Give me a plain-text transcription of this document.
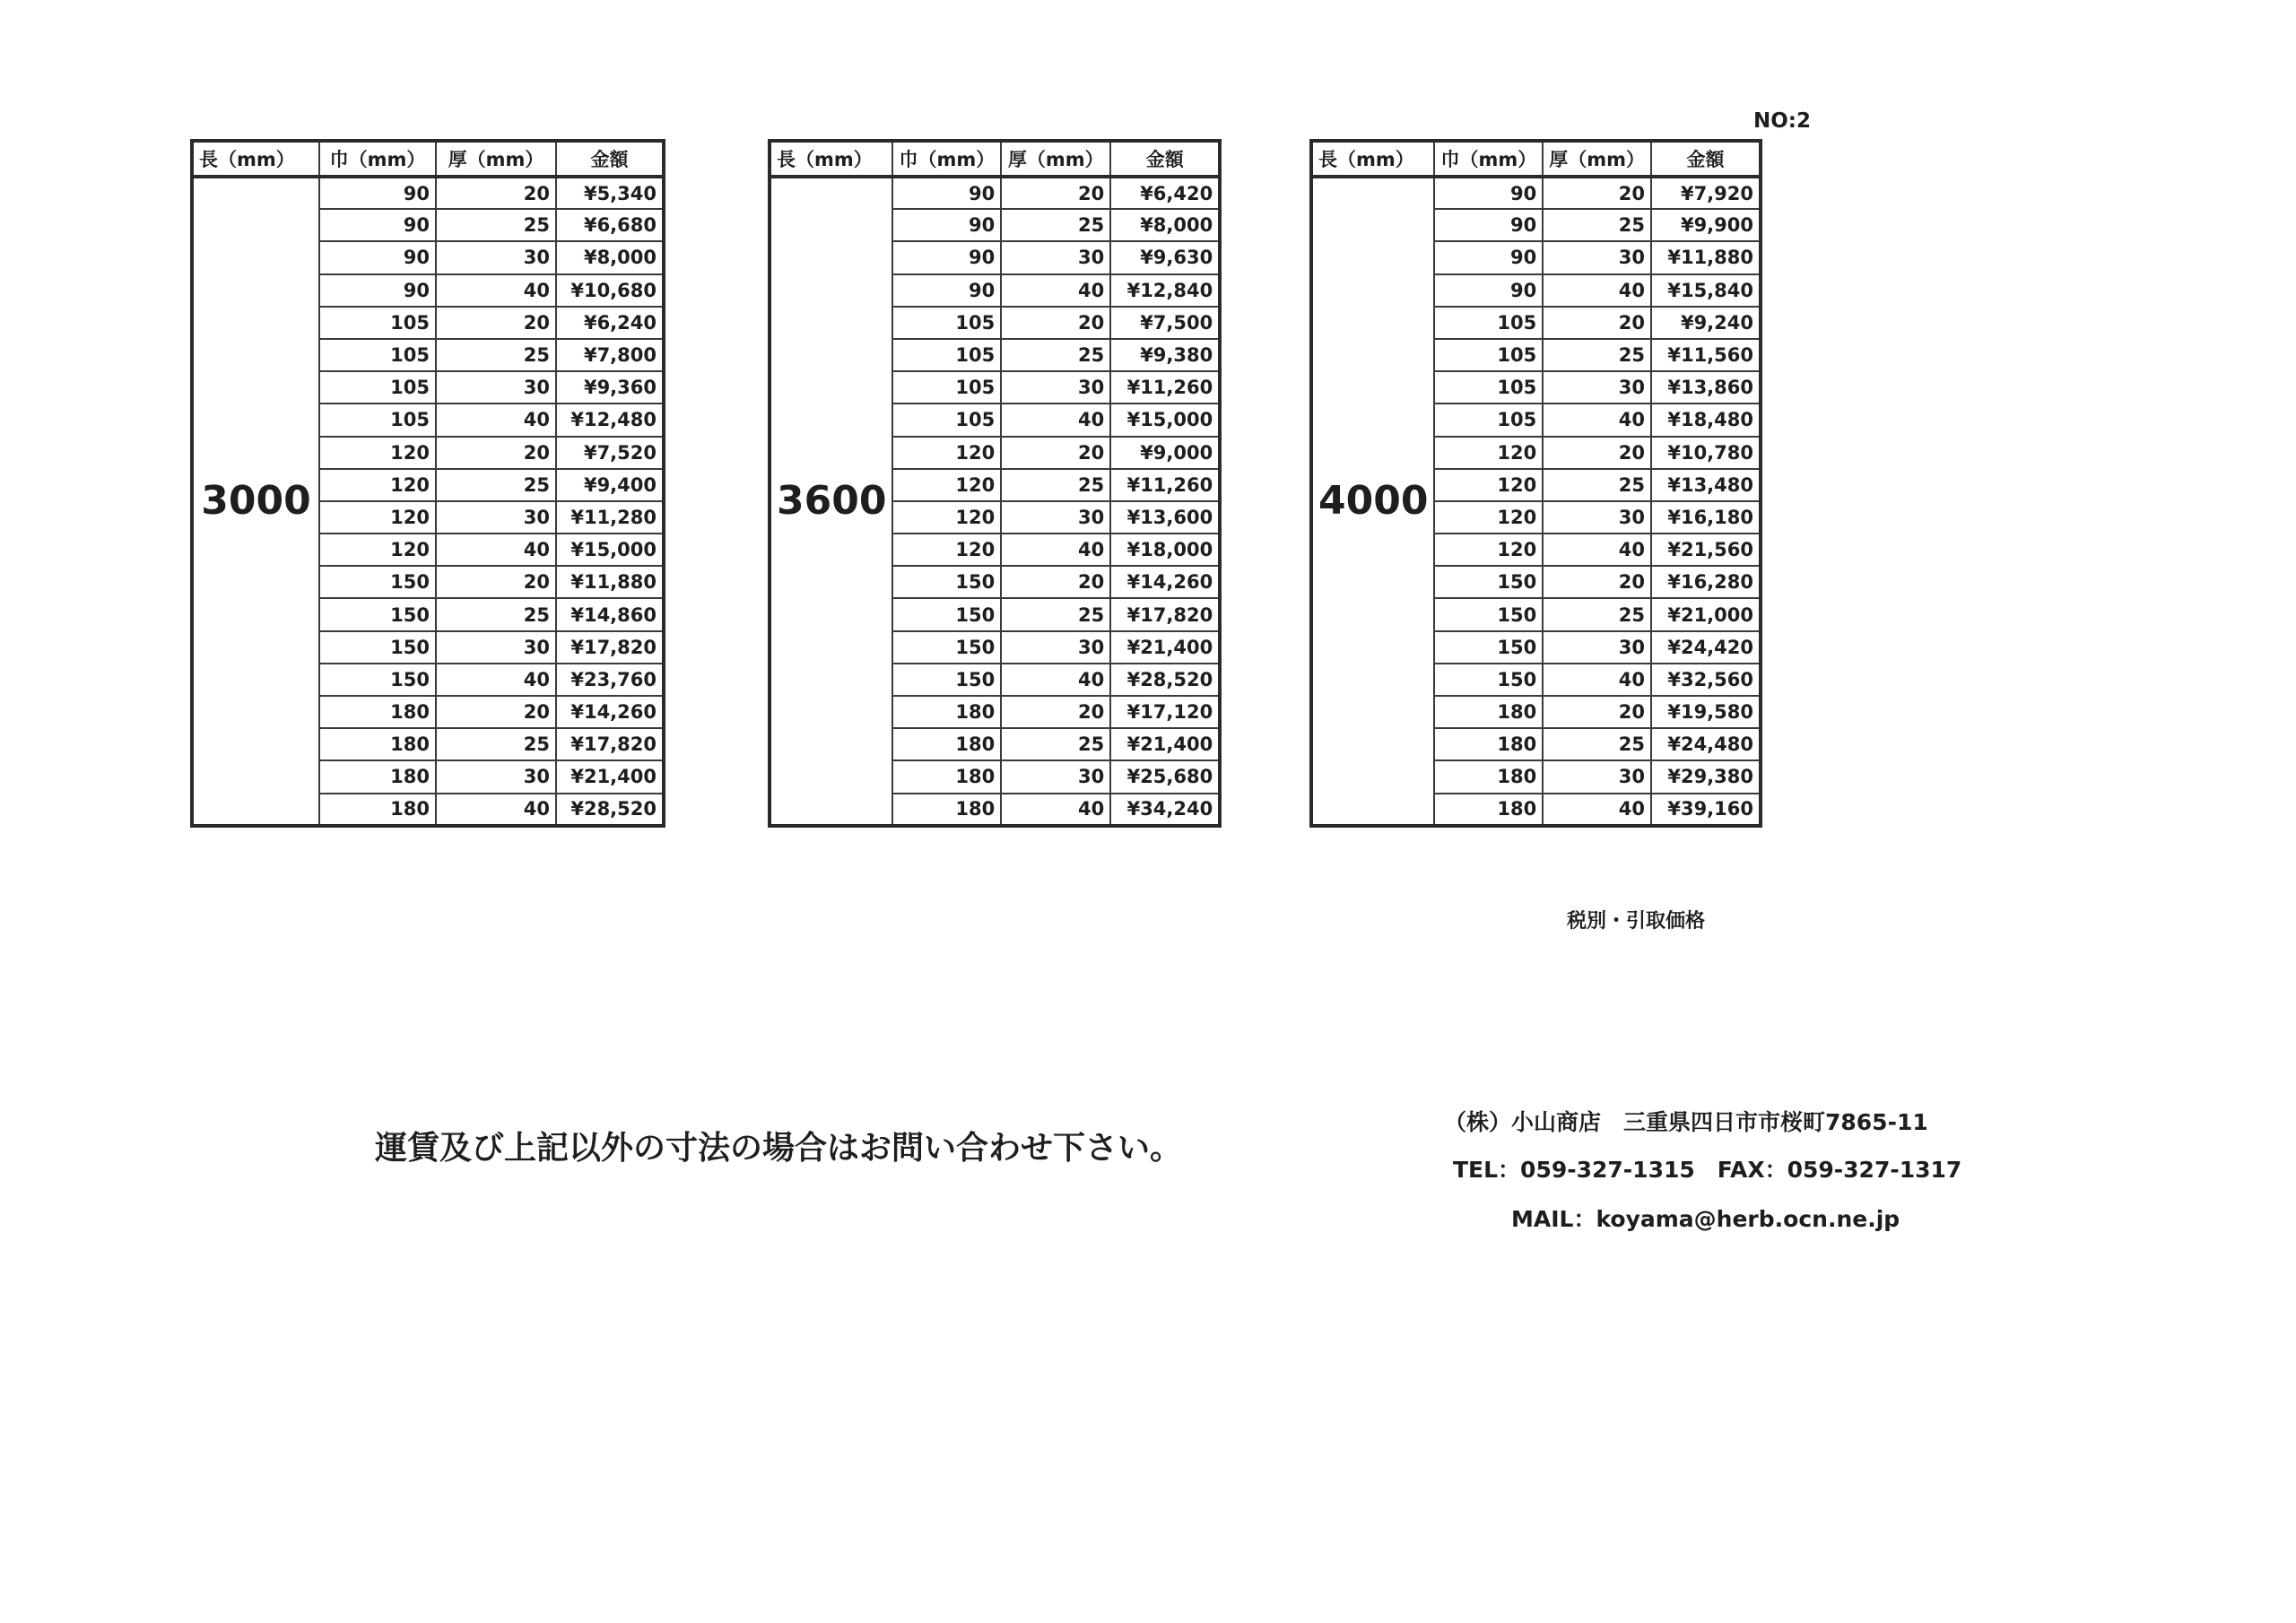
NO:2
長（mm）	巾（mm）	厚（mm）	金額
3000	90	20	¥5,340
	90	25	¥6,680
	90	30	¥8,000
	90	40	¥10,680
	105	20	¥6,240
	105	25	¥7,800
	105	30	¥9,360
	105	40	¥12,480
	120	20	¥7,520
	120	25	¥9,400
	120	30	¥11,280
	120	40	¥15,000
	150	20	¥11,880
	150	25	¥14,860
	150	30	¥17,820
	150	40	¥23,760
	180	20	¥14,260
	180	25	¥17,820
	180	30	¥21,400
	180	40	¥28,520
長（mm）	巾（mm）	厚（mm）	金額
3600	90	20	¥6,420
	90	25	¥8,000
	90	30	¥9,630
	90	40	¥12,840
	105	20	¥7,500
	105	25	¥9,380
	105	30	¥11,260
	105	40	¥15,000
	120	20	¥9,000
	120	25	¥11,260
	120	30	¥13,600
	120	40	¥18,000
	150	20	¥14,260
	150	25	¥17,820
	150	30	¥21,400
	150	40	¥28,520
	180	20	¥17,120
	180	25	¥21,400
	180	30	¥25,680
	180	40	¥34,240
長（mm）	巾（mm）	厚（mm）	金額
4000	90	20	¥7,920
	90	25	¥9,900
	90	30	¥11,880
	90	40	¥15,840
	105	20	¥9,240
	105	25	¥11,560
	105	30	¥13,860
	105	40	¥18,480
	120	20	¥10,780
	120	25	¥13,480
	120	30	¥16,180
	120	40	¥21,560
	150	20	¥16,280
	150	25	¥21,000
	150	30	¥24,420
	150	40	¥32,560
	180	20	¥19,580
	180	25	¥24,480
	180	30	¥29,380
	180	40	¥39,160
税別・引取価格
運賃及び上記以外の寸法の場合はお問い合わせ下さい。
（株）小山商店　三重県四日市市桜町7865-11
TEL：059-327-1315　FAX：059-327-1317
MAIL：koyama@herb.ocn.ne.jp
